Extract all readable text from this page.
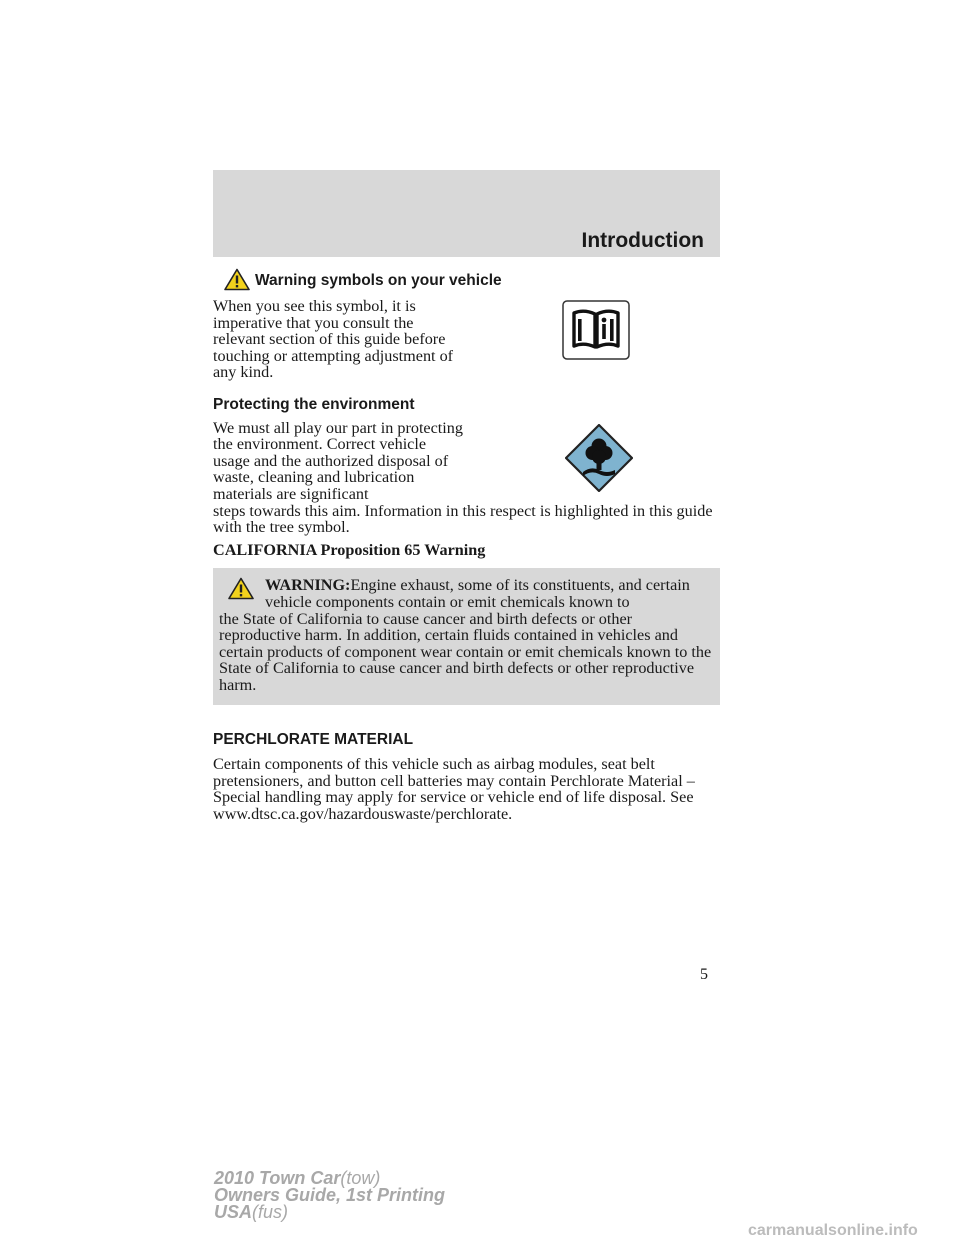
Introduction
Warning symbols on your vehicle

When you see this symbol, it is imperative that you consult the relevant section of this guide before touching or attempting adjustment of any kind.

Protecting the environment

We must all play our part in protecting the environment. Correct vehicle usage and the authorized disposal of waste, cleaning and lubrication materials are significant

steps towards this aim. Information in this respect is highlighted in this guide with the tree symbol.

CALIFORNIA Proposition 65 Warning

WARNING:Engine exhaust, some of its constituents, and certain vehicle components contain or emit chemicals known to

the State of California to cause cancer and birth defects or other reproductive harm. In addition, certain fluids contained in vehicles and certain products of component wear contain or emit chemicals known to the State of California to cause cancer and birth defects or other reproductive harm.

PERCHLORATE MATERIAL

Certain components of this vehicle such as airbag modules, seat belt pretensioners, and button cell batteries may contain Perchlorate Material – Special handling may apply for service or vehicle end of life disposal. See www.dtsc.ca.gov/hazardouswaste/perchlorate.

5
2010 Town Car(tow)
Owners Guide, 1st Printing
USA(fus)
carmanualsonline.info
